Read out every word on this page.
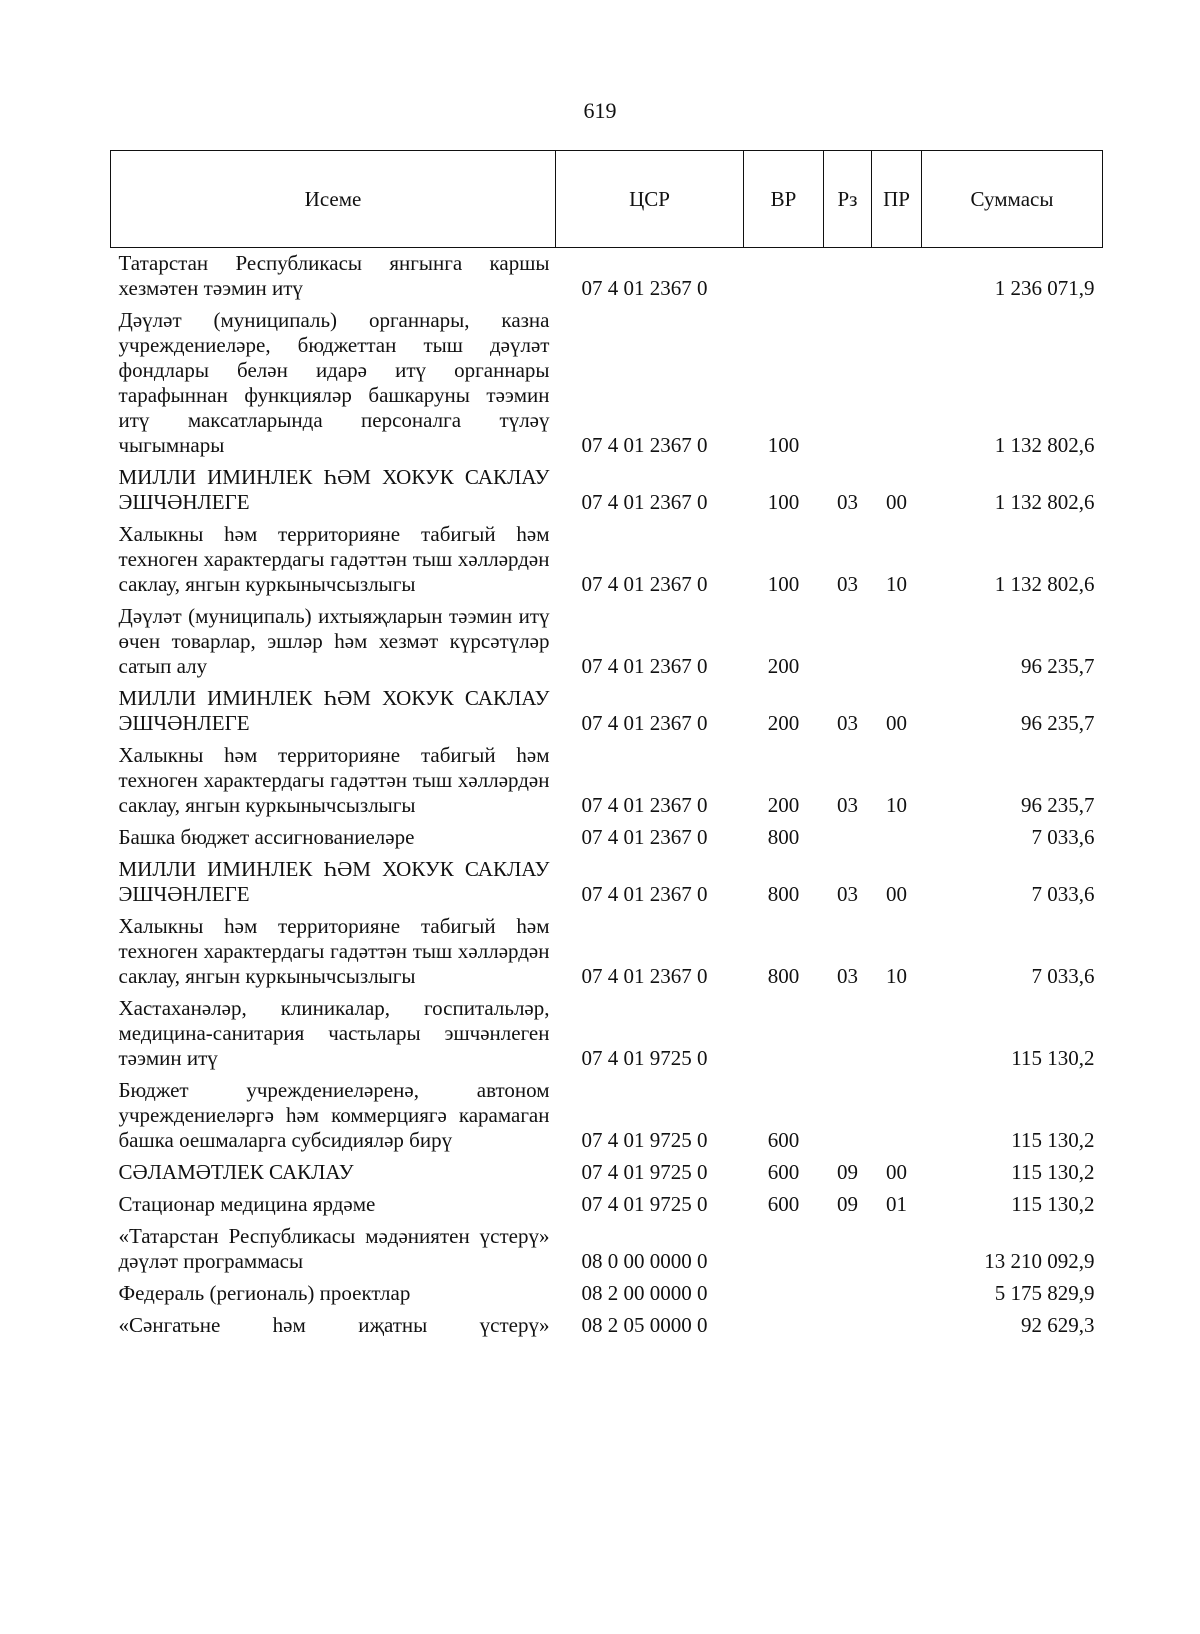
619
Исеме	ЦСР	ВР	Рз	ПР	Суммасы

Татарстан Республикасы янгынга каршы хезмәтен тәэмин итү	07 4 01 2367 0				1 236 071,9

Дәүләт (муниципаль) органнары, казна учреждениеләре, бюджеттан тыш дәүләт фондлары белән идарә итү органнары тарафыннан функцияләр башкаруны тәэмин итү максатларында персоналга түләү чыгымнары	07 4 01 2367 0	100			1 132 802,6

МИЛЛИ ИМИНЛЕК ҺӘМ ХОКУК САКЛАУ ЭШЧӘНЛЕГЕ	07 4 01 2367 0	100	03	00	1 132 802,6

Халыкны һәм территорияне табигый һәм техноген характердагы гадәттән тыш хәлләрдән саклау, янгын куркынычсызлыгы	07 4 01 2367 0	100	03	10	1 132 802,6

Дәүләт (муниципаль) ихтыяҗларын тәэмин итү өчен товарлар, эшләр һәм хезмәт күрсәтүләр сатып алу	07 4 01 2367 0	200			96 235,7

МИЛЛИ ИМИНЛЕК ҺӘМ ХОКУК САКЛАУ ЭШЧӘНЛЕГЕ	07 4 01 2367 0	200	03	00	96 235,7

Халыкны һәм территорияне табигый һәм техноген характердагы гадәттән тыш хәлләрдән саклау, янгын куркынычсызлыгы	07 4 01 2367 0	200	03	10	96 235,7

Башка бюджет ассигнованиеләре	07 4 01 2367 0	800			7 033,6

МИЛЛИ ИМИНЛЕК ҺӘМ ХОКУК САКЛАУ ЭШЧӘНЛЕГЕ	07 4 01 2367 0	800	03	00	7 033,6

Халыкны һәм территорияне табигый һәм техноген характердагы гадәттән тыш хәлләрдән саклау, янгын куркынычсызлыгы	07 4 01 2367 0	800	03	10	7 033,6

Хастаханәләр, клиникалар, госпитальләр, медицина-санитария частьлары эшчәнлеген тәэмин итү	07 4 01 9725 0				115 130,2

Бюджет учреждениеләренә, автоном учреждениеләргә һәм коммерциягә карамаган башка оешмаларга субсидияләр бирү	07 4 01 9725 0	600			115 130,2

СӘЛАМӘТЛЕК САКЛАУ	07 4 01 9725 0	600	09	00	115 130,2

Стационар медицина ярдәме	07 4 01 9725 0	600	09	01	115 130,2

«Татарстан Республикасы мәдәниятен үстерү» дәүләт программасы	08 0 00 0000 0				13 210 092,9

Федераль (региональ) проектлар	08 2 00 0000 0				5 175 829,9

«Сәнгатьне һәм иҗатны үстерү»	08 2 05 0000 0				92 629,3
